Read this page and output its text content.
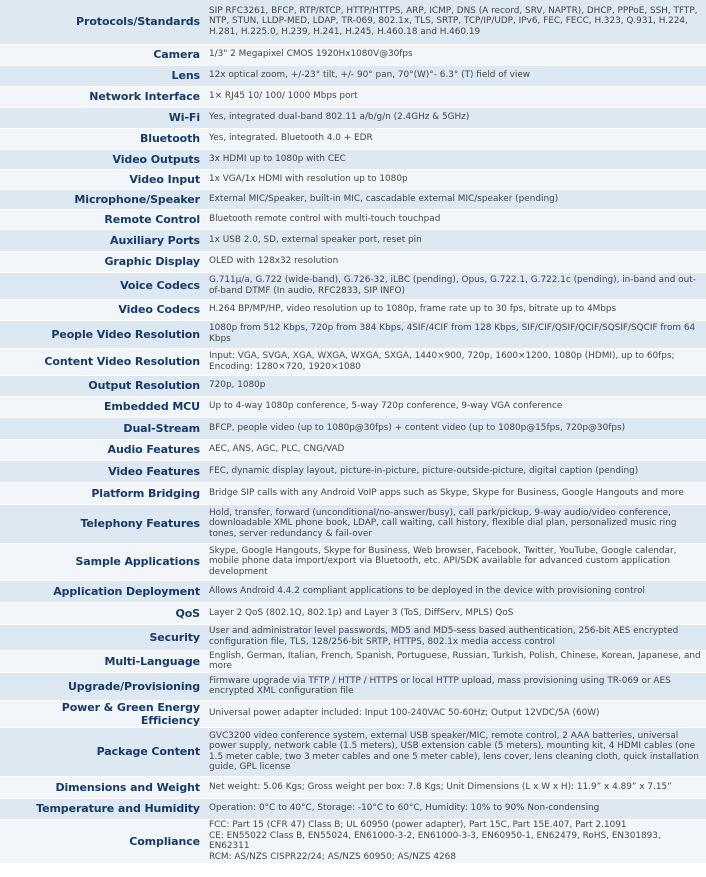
Protocols/Standards	SIP RFC3261, BFCP, RTP/RTCP, HTTP/HTTPS, ARP, ICMP, DNS (A record, SRV, NAPTR), DHCP, PPPoE, SSH, TFTP, NTP, STUN, LLDP-MED, LDAP, TR-069, 802.1x, TLS, SRTP, TCP/IP/UDP, IPv6, FEC, FECC, H.323, Q.931, H.224, H.281, H.225.0, H.239, H.241, H.245, H.460.18 and H.460.19
Camera	1/3" 2 Megapixel CMOS 1920Hx1080V@30fps
Lens	12x optical zoom, +/-23° tilt, +/- 90° pan, 70°(W)°- 6.3° (T) field of view
Network Interface	1× RJ45 10/ 100/ 1000 Mbps port
Wi-Fi	Yes, integrated dual-band 802.11 a/b/g/n (2.4GHz & 5GHz)
Bluetooth	Yes, integrated. Bluetooth 4.0 + EDR
Video Outputs	3x HDMI up to 1080p with CEC
Video Input	1x VGA/1x HDMI with resolution up to 1080p
Microphone/Speaker	External MIC/Speaker, built-in MIC, cascadable external MIC/speaker (pending)
Remote Control	Bluetooth remote control with multi-touch touchpad
Auxiliary Ports	1x USB 2.0, SD, external speaker port, reset pin
Graphic Display	OLED with 128x32 resolution
Voice Codecs	G.711µ/a, G.722 (wide-band), G.726-32, iLBC (pending), Opus, G.722.1, G.722.1c (pending), in-band and out-of-band DTMF (In audio, RFC2833, SIP INFO)
Video Codecs	H.264 BP/MP/HP, video resolution up to 1080p, frame rate up to 30 fps, bitrate up to 4Mbps
People Video Resolution	1080p from 512 Kbps, 720p from 384 Kbps, 4SIF/4CIF from 128 Kbps, SIF/CIF/QSIF/QCIF/SQSIF/SQCIF from 64 Kbps
Content Video Resolution	Input: VGA, SVGA, XGA, WXGA, WXGA, SXGA, 1440×900, 720p, 1600×1200, 1080p (HDMI), up to 60fps; Encoding: 1280×720, 1920×1080
Output Resolution	720p, 1080p
Embedded MCU	Up to 4-way 1080p conference, 5-way 720p conference, 9-way VGA conference
Dual-Stream	BFCP, people video (up to 1080p@30fps) + content video (up to 1080p@15fps, 720p@30fps)
Audio Features	AEC, ANS, AGC, PLC, CNG/VAD
Video Features	FEC, dynamic display layout, picture-in-picture, picture-outside-picture, digital caption (pending)
Platform Bridging	Bridge SIP calls with any Android VoIP apps such as Skype, Skype for Business, Google Hangouts and more
Telephony Features	Hold, transfer, forward (unconditional/no-answer/busy), call park/pickup, 9-way audio/video conference, downloadable XML phone book, LDAP, call waiting, call history, flexible dial plan, personalized music ring tones, server redundancy & fail-over
Sample Applications	Skype, Google Hangouts, Skype for Business, Web browser, Facebook, Twitter, YouTube, Google calendar, mobile phone data import/export via Bluetooth, etc. API/SDK available for advanced custom application development
Application Deployment	Allows Android 4.4.2 compliant applications to be deployed in the device with provisioning control
QoS	Layer 2 QoS (802.1Q, 802.1p) and Layer 3 (ToS, DiffServ, MPLS) QoS
Security	User and administrator level passwords, MD5 and MD5-sess based authentication, 256-bit AES encrypted configuration file, TLS, 128/256-bit SRTP, HTTPS, 802.1x media access control
Multi-Language	English, German, Italian, French, Spanish, Portuguese, Russian, Turkish, Polish, Chinese, Korean, Japanese, and more
Upgrade/Provisioning	Firmware upgrade via TFTP / HTTP / HTTPS or local HTTP upload, mass provisioning using TR-069 or AES encrypted XML configuration file
Power & Green Energy Efficiency	Universal power adapter included: Input 100-240VAC 50-60Hz; Output 12VDC/5A (60W)
Package Content	GVC3200 video conference system, external USB speaker/MIC, remote control, 2 AAA batteries, universal power supply, network cable (1.5 meters), USB extension cable (5 meters), mounting kit, 4 HDMI cables (one 1.5 meter cable, two 3 meter cables and one 5 meter cable), lens cover, lens cleaning cloth, quick installation guide, GPL license
Dimensions and Weight	Net weight: 5.06 Kgs; Gross weight per box: 7.8 Kgs; Unit Dimensions (L x W x H): 11.9” x 4.89” x 7.15”
Temperature and Humidity	Operation: 0°C to 40°C, Storage: -10°C to 60°C, Humidity: 10% to 90% Non-condensing
Compliance	FCC: Part 15 (CFR 47) Class B; UL 60950 (power adapter), Part 15C, Part 15E.407, Part 2.1091
CE: EN55022 Class B, EN55024, EN61000-3-2, EN61000-3-3, EN60950-1, EN62479, RoHS, EN301893, EN62311
RCM: AS/NZS CISPR22/24; AS/NZS 60950; AS/NZS 4268
